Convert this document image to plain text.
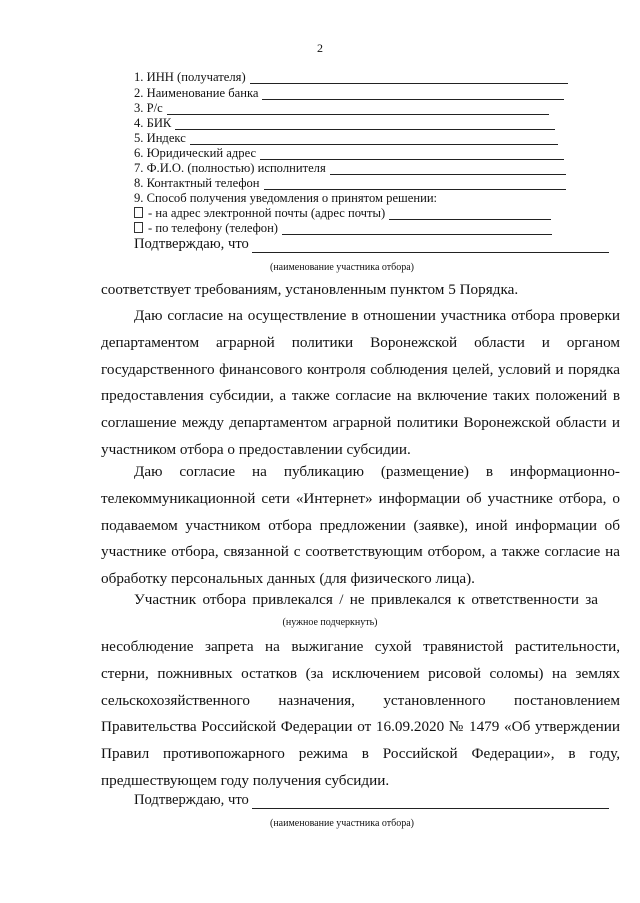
2
1. ИНН (получателя)
2. Наименование банка
3. Р/с
4. БИК
5. Индекс
6. Юридический адрес
7. Ф.И.О. (полностью) исполнителя
8. Контактный телефон
9. Способ получения уведомления о принятом решении:
- на адрес электронной почты (адрес почты)
- по телефону (телефон)
Подтверждаю, что
(наименование участника отбора)
соответствует требованиям, установленным пунктом 5 Порядка.
Даю согласие на осуществление в отношении участника отбора проверки департаментом аграрной политики Воронежской области и органом государственного финансового контроля соблюдения целей, условий и порядка предоставления субсидии, а также согласие на включение таких положений в соглашение между департаментом аграрной политики Воронежской области и участником отбора о предоставлении субсидии.
Даю согласие на публикацию (размещение) в информационно-телекоммуникационной сети «Интернет» информации об участнике отбора, о подаваемом участником отбора предложении (заявке), иной информации об участнике отбора, связанной с соответствующим отбором, а также согласие на обработку персональных данных (для физического лица).
Участник отбора привлекался / не привлекался к ответственности за
(нужное подчеркнуть)
несоблюдение запрета на выжигание сухой травянистой растительности, стерни, пожнивных остатков (за исключением рисовой соломы) на землях сельскохозяйственного назначения, установленного постановлением Правительства Российской Федерации от 16.09.2020 № 1479 «Об утверждении Правил противопожарного режима в Российской Федерации», в году, предшествующем году получения субсидии.
Подтверждаю, что
(наименование участника отбора)
